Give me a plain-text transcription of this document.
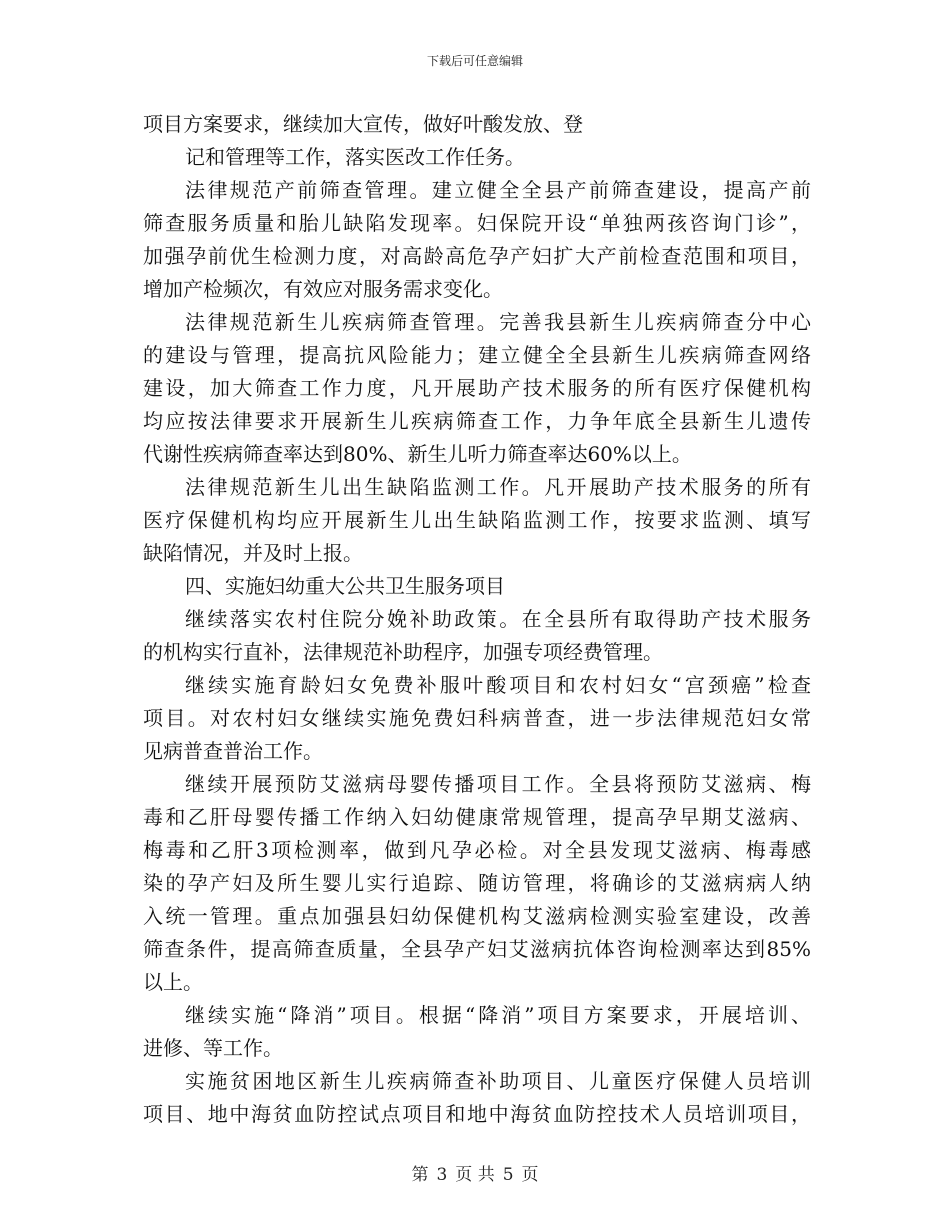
下载后可任意编辑
项目方案要求，继续加大宣传，做好叶酸发放、登
记和管理等工作，落实医改工作任务。
法律规范产前筛查管理。建立健全全县产前筛查建设，提高产前
筛查服务质量和胎儿缺陷发现率。妇保院开设“单独两孩咨询门诊”，
加强孕前优生检测力度，对高龄高危孕产妇扩大产前检查范围和项目，
增加产检频次，有效应对服务需求变化。
法律规范新生儿疾病筛查管理。完善我县新生儿疾病筛查分中心
的建设与管理，提高抗风险能力；建立健全全县新生儿疾病筛查网络
建设，加大筛查工作力度，凡开展助产技术服务的所有医疗保健机构
均应按法律要求开展新生儿疾病筛查工作，力争年底全县新生儿遗传
代谢性疾病筛查率达到80%、新生儿听力筛查率达60%以上。
法律规范新生儿出生缺陷监测工作。凡开展助产技术服务的所有
医疗保健机构均应开展新生儿出生缺陷监测工作，按要求监测、填写
缺陷情况，并及时上报。
四、实施妇幼重大公共卫生服务项目
继续落实农村住院分娩补助政策。在全县所有取得助产技术服务
的机构实行直补，法律规范补助程序，加强专项经费管理。
继续实施育龄妇女免费补服叶酸项目和农村妇女“宫颈癌”检查
项目。对农村妇女继续实施免费妇科病普查，进一步法律规范妇女常
见病普查普治工作。
继续开展预防艾滋病母婴传播项目工作。全县将预防艾滋病、梅
毒和乙肝母婴传播工作纳入妇幼健康常规管理，提高孕早期艾滋病、
梅毒和乙肝3项检测率，做到凡孕必检。对全县发现艾滋病、梅毒感
染的孕产妇及所生婴儿实行追踪、随访管理，将确诊的艾滋病病人纳
入统一管理。重点加强县妇幼保健机构艾滋病检测实验室建设，改善
筛查条件，提高筛查质量，全县孕产妇艾滋病抗体咨询检测率达到85%
以上。
继续实施“降消”项目。根据“降消”项目方案要求，开展培训、
进修、等工作。
实施贫困地区新生儿疾病筛查补助项目、儿童医疗保健人员培训
项目、地中海贫血防控试点项目和地中海贫血防控技术人员培训项目，
第 3 页 共 5 页
